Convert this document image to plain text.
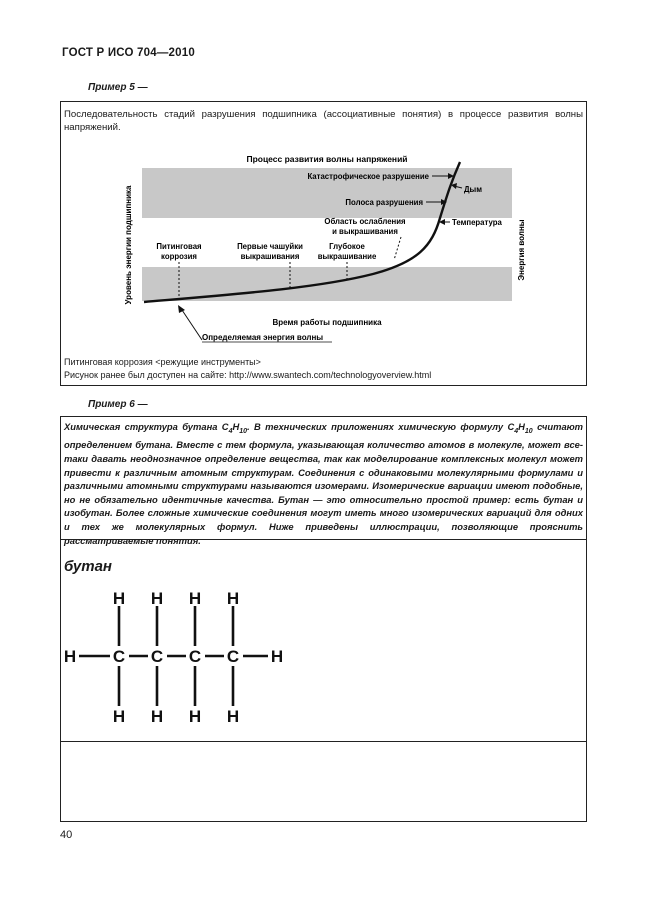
ГОСТ Р ИСО 704—2010
Пример 5 —
Последовательность стадий разрушения подшипника (ассоциативные понятия) в процессе развития волны напряжений.
Процесс развития волны напряжений
Уровень энергии подшипника	Энергия волны
Катастрофическое разрушение
Дым
Полоса разрушения
Температура
Область ослабления
и выкрашивания
Питинговая
коррозия
Первые чашуйки
выкрашивания
Глубокое
выкрашивание
Время работы подшипника
Определяемая энергия волны
Питинговая коррозия <режущие инструменты>
Рисунок ранее был доступен на сайте: http://www.swantech.com/technologyoverview.html
Пример 6 —
Химическая структура бутана $C_4H_{10}$. В технических приложениях химическую формулу $C_4H_{10}$ считают определением бутана. Вместе с тем формула, указывающая количество атомов в молекуле, может все-таки давать неоднозначное определение вещества, так как моделирование комплексных молекул может привести к различным атомным структурам. Соединения с одинаковыми молекулярными формулами и различными атомными структурами называются изомерами. Изомерические вариации имеют подобные, но не обязательно идентичные качества. Бутан — это относительно простой пример: есть бутан и изобутан. Более сложные химические соединения могут иметь много изомерических вариаций для одних и тех же молекулярных формул. Ниже приведены иллюстрации, позволяющие прояснить рассматриваемые понятия.
бутан
H H H H
H C C C C H
H H H H
40
